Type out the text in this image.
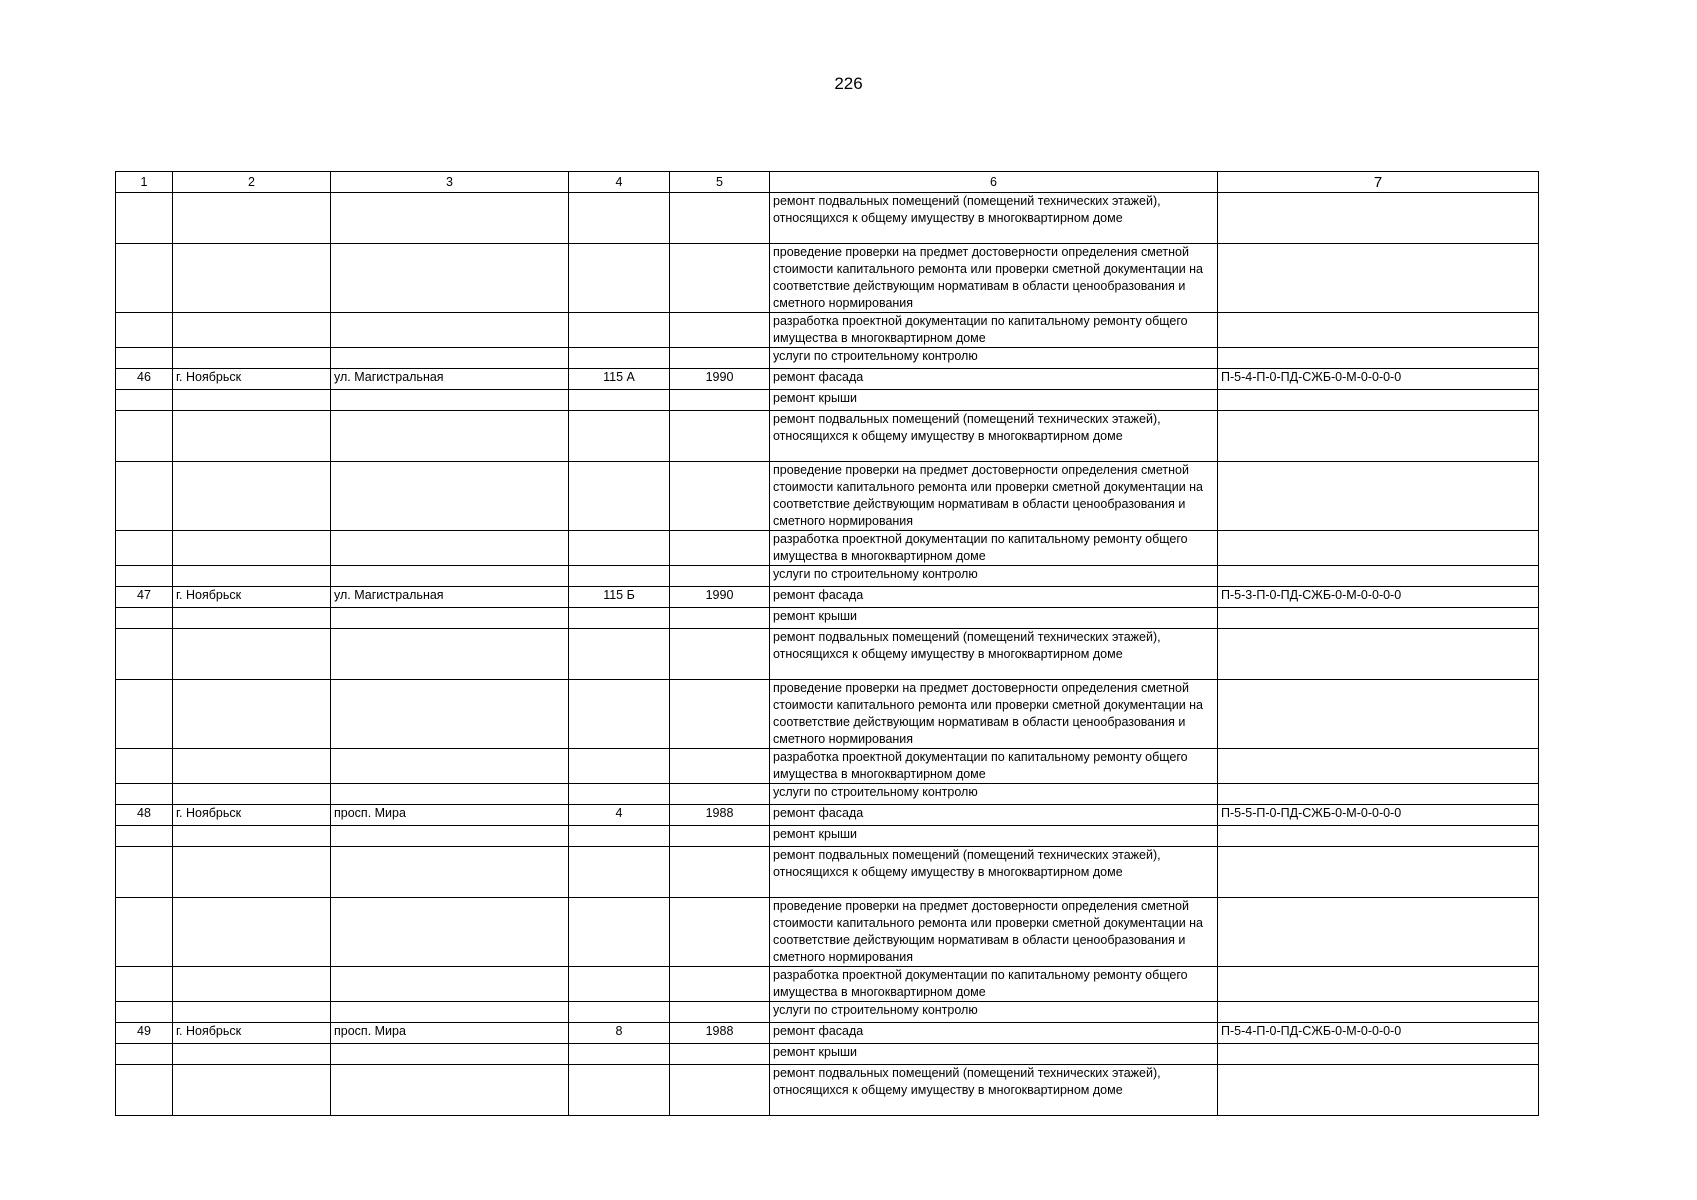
226
1	2	3	4	5	6	7
					ремонт подвальных помещений (помещений технических этажей), относящихся к общему имуществу в многоквартирном доме	
					проведение проверки на предмет достоверности определения сметной стоимости капитального ремонта или проверки сметной документации на соответствие действующим нормативам в области ценообразования и сметного нормирования	
					разработка проектной документации по капитальному ремонту общего имущества в многоквартирном доме	
					услуги по строительному контролю	
46	г. Ноябрьск	ул. Магистральная	115 А	1990	ремонт фасада	П-5-4-П-0-ПД-СЖБ-0-М-0-0-0-0
					ремонт крыши	
					ремонт подвальных помещений (помещений технических этажей), относящихся к общему имуществу в многоквартирном доме	
					проведение проверки на предмет достоверности определения сметной стоимости капитального ремонта или проверки сметной документации на соответствие действующим нормативам в области ценообразования и сметного нормирования	
					разработка проектной документации по капитальному ремонту общего имущества в многоквартирном доме	
					услуги по строительному контролю	
47	г. Ноябрьск	ул. Магистральная	115 Б	1990	ремонт фасада	П-5-3-П-0-ПД-СЖБ-0-М-0-0-0-0
					ремонт крыши	
					ремонт подвальных помещений (помещений технических этажей), относящихся к общему имуществу в многоквартирном доме	
					проведение проверки на предмет достоверности определения сметной стоимости капитального ремонта или проверки сметной документации на соответствие действующим нормативам в области ценообразования и сметного нормирования	
					разработка проектной документации по капитальному ремонту общего имущества в многоквартирном доме	
					услуги по строительному контролю	
48	г. Ноябрьск	просп. Мира	4	1988	ремонт фасада	П-5-5-П-0-ПД-СЖБ-0-М-0-0-0-0
					ремонт крыши	
					ремонт подвальных помещений (помещений технических этажей), относящихся к общему имуществу в многоквартирном доме	
					проведение проверки на предмет достоверности определения сметной стоимости капитального ремонта или проверки сметной документации на соответствие действующим нормативам в области ценообразования и сметного нормирования	
					разработка проектной документации по капитальному ремонту общего имущества в многоквартирном доме	
					услуги по строительному контролю	
49	г. Ноябрьск	просп. Мира	8	1988	ремонт фасада	П-5-4-П-0-ПД-СЖБ-0-М-0-0-0-0
					ремонт крыши	
					ремонт подвальных помещений (помещений технических этажей), относящихся к общему имуществу в многоквартирном доме	
